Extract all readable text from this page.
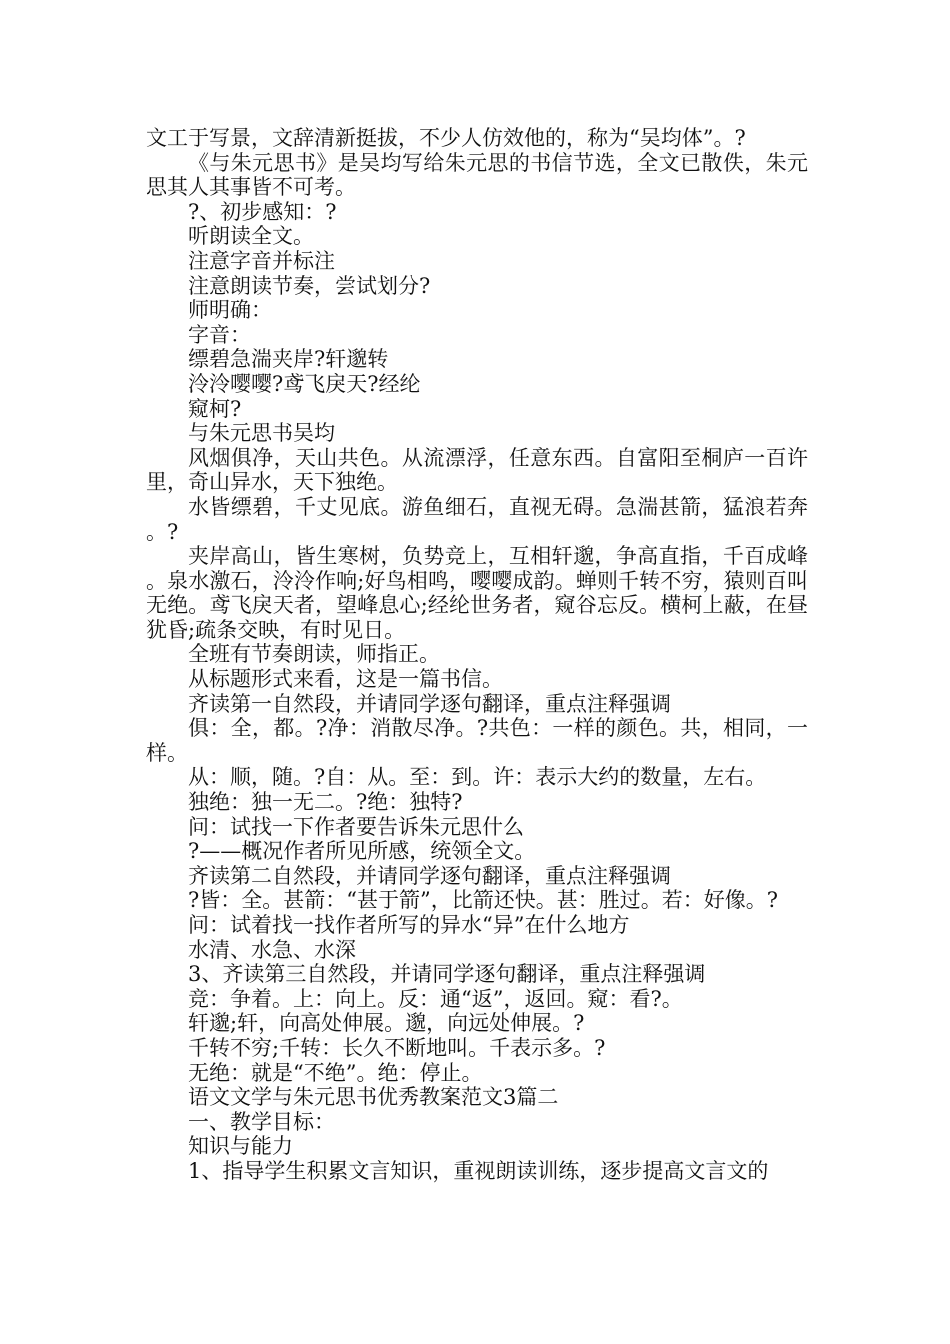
文工于写景，文辞清新挺拔，不少人仿效他的，称为“吴均体”。?

《与朱元思书》是吴均写给朱元思的书信节选，全文已散佚，朱元思其人其事皆不可考。

?、初步感知：?

听朗读全文。

注意字音并标注

注意朗读节奏，尝试划分?

师明确：

字音：

缥碧急湍夹岸?轩邈转

泠泠嘤嘤?鸢飞戾天?经纶

窥柯?

与朱元思书吴均

风烟俱净，天山共色。从流漂浮，任意东西。自富阳至桐庐一百许里，奇山异水，天下独绝。

水皆缥碧，千丈见底。游鱼细石，直视无碍。急湍甚箭，猛浪若奔。?

夹岸高山，皆生寒树，负势竞上，互相轩邈，争高直指，千百成峰。泉水激石，泠泠作响;好鸟相鸣，嘤嘤成韵。蝉则千转不穷，猿则百叫无绝。鸢飞戾天者，望峰息心;经纶世务者，窥谷忘反。横柯上蔽，在昼犹昏;疏条交映，有时见日。

全班有节奏朗读，师指正。

从标题形式来看，这是一篇书信。

齐读第一自然段，并请同学逐句翻译，重点注释强调

俱：全，都。?净：消散尽净。?共色：一样的颜色。共，相同，一样。

从：顺，随。?自：从。至：到。许：表示大约的数量，左右。

独绝：独一无二。?绝：独特?

问：试找一下作者要告诉朱元思什么

?——概况作者所见所感，统领全文。

齐读第二自然段，并请同学逐句翻译，重点注释强调

?皆：全。甚箭：“甚于箭”，比箭还快。甚：胜过。若：好像。?

问：试着找一找作者所写的异水“异”在什么地方

水清、水急、水深

3、齐读第三自然段，并请同学逐句翻译，重点注释强调

竞：争着。上：向上。反：通“返”，返回。窥：看?。

轩邈;轩，向高处伸展。邈，向远处伸展。?

千转不穷;千转：长久不断地叫。千表示多。?

无绝：就是“不绝”。绝：停止。

语文文学与朱元思书优秀教案范文3篇二

一、教学目标：

知识与能力

1、指导学生积累文言知识，重视朗读训练，逐步提高文言文的
